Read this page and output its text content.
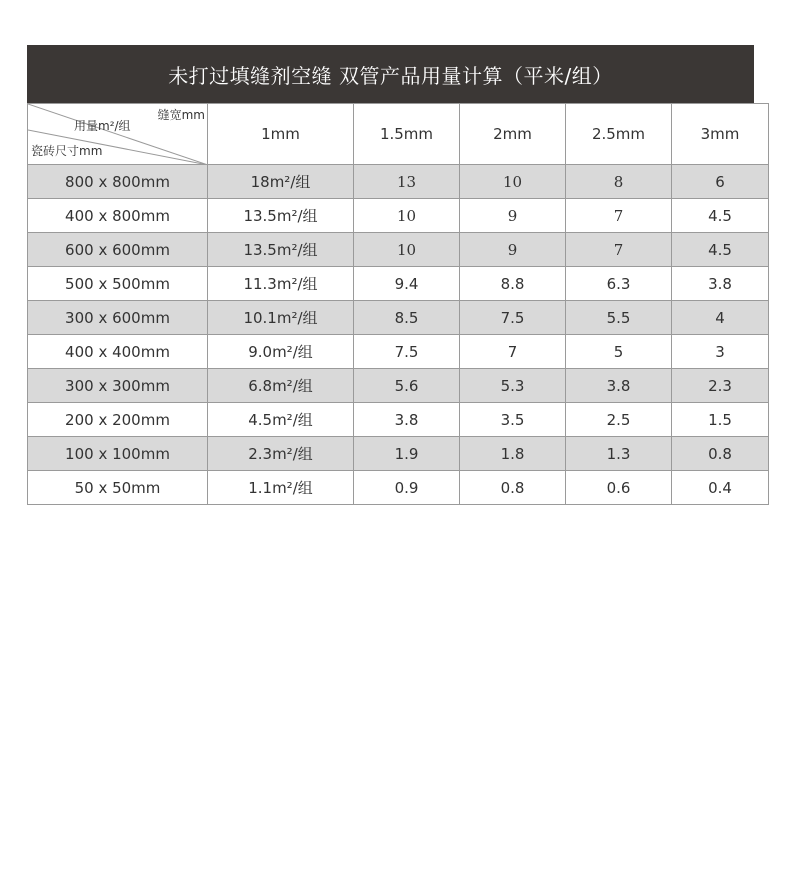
未打过填缝剂空缝 双管产品用量计算（平米/组）
缝宽mm
用量m²/组
瓷砖尺寸mm	1mm	1.5mm	2mm	2.5mm	3mm
800 x 800mm	18m²/组	13	10	8	6
400 x 800mm	13.5m²/组	10	9	7	4.5
600 x 600mm	13.5m²/组	10	9	7	4.5
500 x 500mm	11.3m²/组	9.4	8.8	6.3	3.8
300 x 600mm	10.1m²/组	8.5	7.5	5.5	4
400 x 400mm	9.0m²/组	7.5	7	5	3
300 x 300mm	6.8m²/组	5.6	5.3	3.8	2.3
200 x 200mm	4.5m²/组	3.8	3.5	2.5	1.5
100 x 100mm	2.3m²/组	1.9	1.8	1.3	0.8
50 x 50mm	1.1m²/组	0.9	0.8	0.6	0.4
